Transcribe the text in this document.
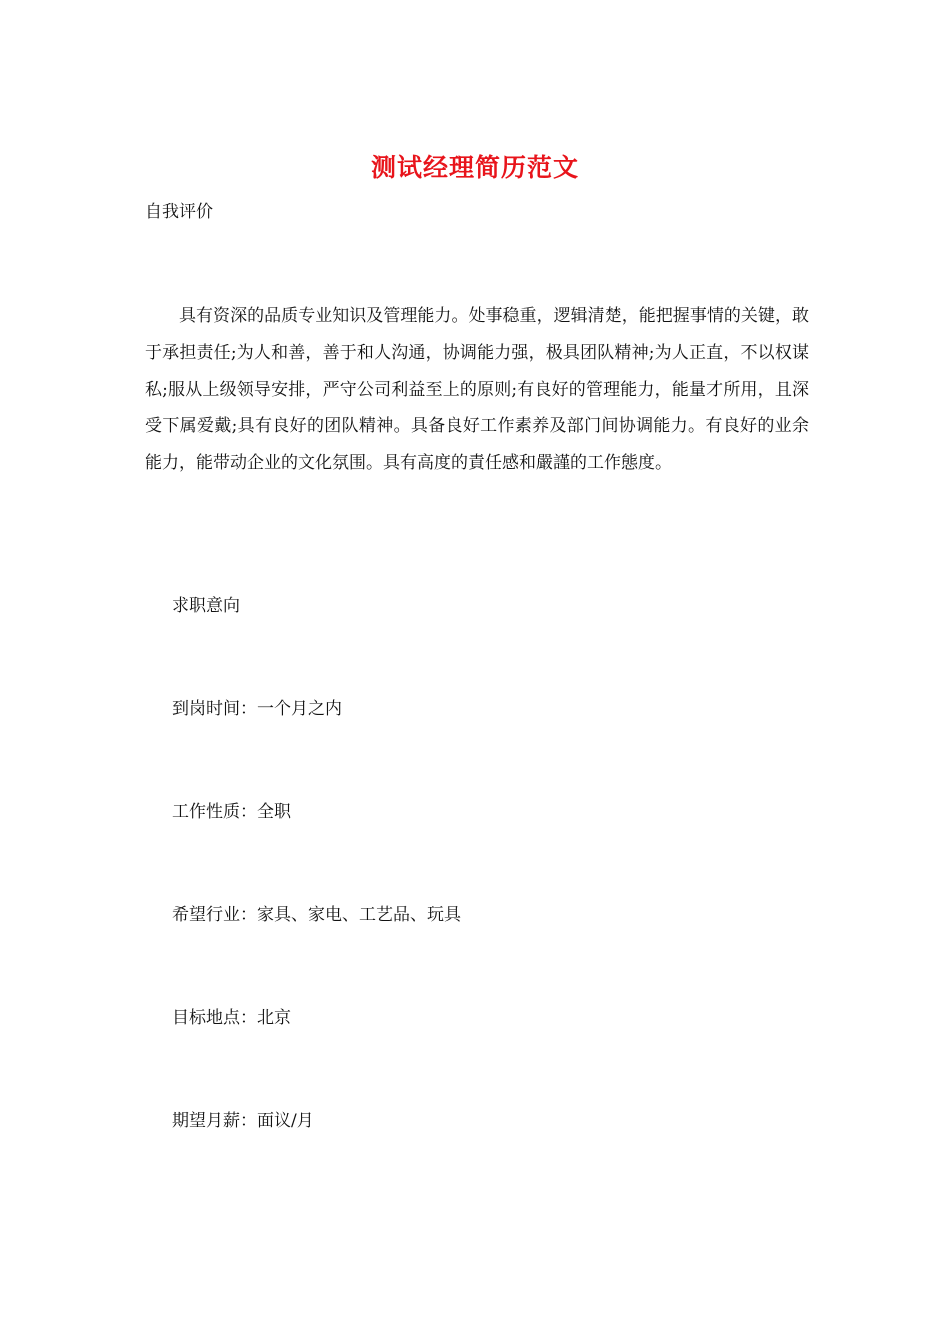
测试经理简历范文
自我评价

具有资深的品质专业知识及管理能力。处事稳重，逻辑清楚，能把握事情的关键，敢于承担责任;为人和善，善于和人沟通，协调能力强，极具团队精神;为人正直，不以权谋私;服从上级领导安排，严守公司利益至上的原则;有良好的管理能力，能量才所用，且深受下属爱戴;具有良好的团队精神。具备良好工作素养及部门间协调能力。有良好的业余能力，能带动企业的文化氛围。具有高度的責任感和嚴謹的工作態度。

求职意向
到岗时间：一个月之内
工作性质：全职
希望行业：家具、家电、工艺品、玩具
目标地点：北京
期望月薪：面议/月
